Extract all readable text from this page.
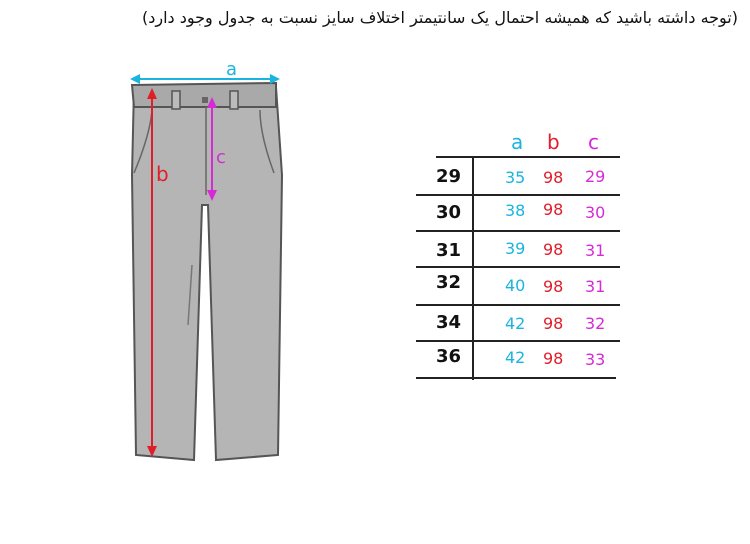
(توجه داشته باشید که همیشه احتمال یک سانتیمتر اختلاف سایز نسبت به جدول وجود دارد)
a
b
c
a b c
29	35 98 29
30	38 98 30
31	39 98 31
32	40 98 31
34	42 98 32
36	42 98 33
